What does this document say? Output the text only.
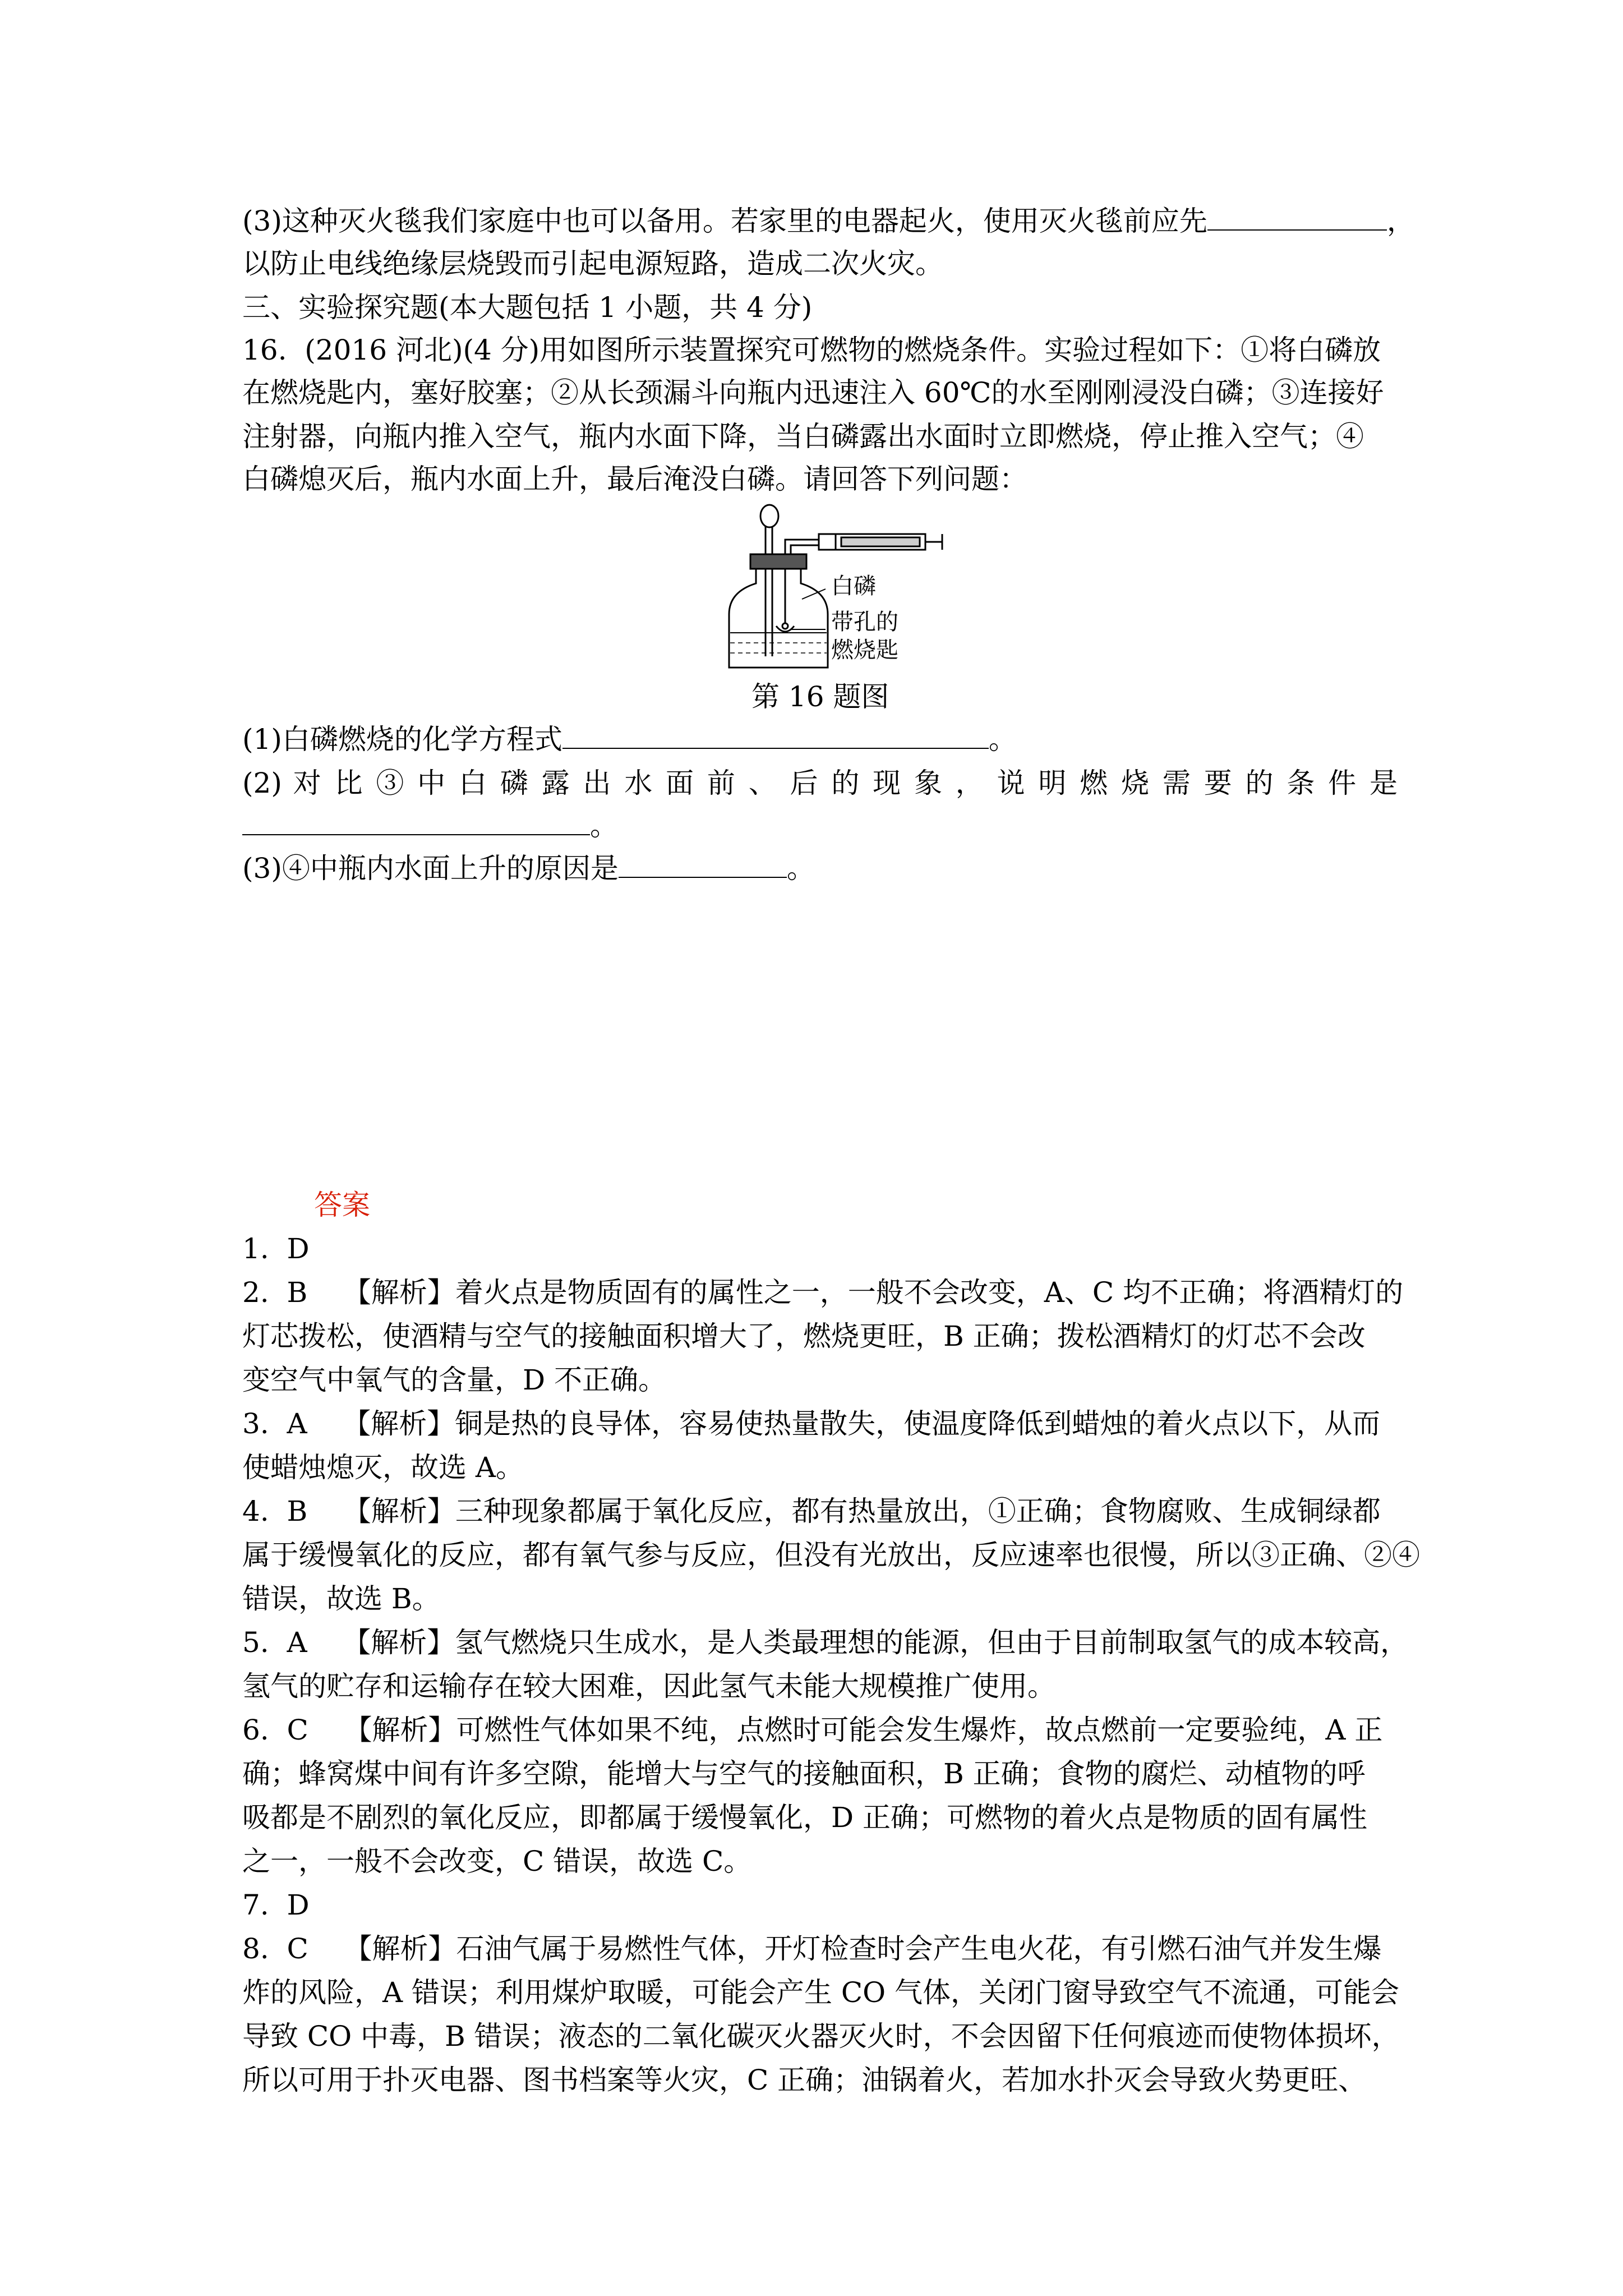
(3)这种灭火毯我们家庭中也可以备用。若家里的电器起火，使用灭火毯前应先	，
以防止电线绝缘层烧毁而引起电源短路，造成二次火灾。
三、实验探究题(本大题包括 1 小题，共 4 分)
16.  (2016 河北)(4 分)用如图所示装置探究可燃物的燃烧条件。实验过程如下：①将白磷放
在燃烧匙内，塞好胶塞；②从长颈漏斗向瓶内迅速注入 60℃的水至刚刚浸没白磷；③连接好
注射器，向瓶内推入空气，瓶内水面下降，当白磷露出水面时立即燃烧，停止推入空气；④
白磷熄灭后，瓶内水面上升，最后淹没白磷。请回答下列问题：
白磷
带孔的
燃烧匙
第 16 题图
(1)白磷燃烧的化学方程式	。
(2) 对 比 ③ 中 白 磷 露 出 水 面 前 、 后 的 现 象 ， 说 明 燃 烧 需 要 的 条 件 是
。
(3)④中瓶内水面上升的原因是	。
答案
1.  D
2.  B    【解析】着火点是物质固有的属性之一，一般不会改变，A、C 均不正确；将酒精灯的
灯芯拨松，使酒精与空气的接触面积增大了，燃烧更旺，B 正确；拨松酒精灯的灯芯不会改
变空气中氧气的含量，D 不正确。
3.  A    【解析】铜是热的良导体，容易使热量散失，使温度降低到蜡烛的着火点以下，从而
使蜡烛熄灭，故选 A。
4.  B    【解析】三种现象都属于氧化反应，都有热量放出，①正确；食物腐败、生成铜绿都
属于缓慢氧化的反应，都有氧气参与反应，但没有光放出，反应速率也很慢，所以③正确、②④
错误，故选 B。
5.  A    【解析】氢气燃烧只生成水，是人类最理想的能源，但由于目前制取氢气的成本较高，
氢气的贮存和运输存在较大困难，因此氢气未能大规模推广使用。
6.  C    【解析】可燃性气体如果不纯，点燃时可能会发生爆炸，故点燃前一定要验纯，A 正
确；蜂窝煤中间有许多空隙，能增大与空气的接触面积，B 正确；食物的腐烂、动植物的呼
吸都是不剧烈的氧化反应，即都属于缓慢氧化，D 正确；可燃物的着火点是物质的固有属性
之一，一般不会改变，C 错误，故选 C。
7.  D
8.  C    【解析】石油气属于易燃性气体，开灯检查时会产生电火花，有引燃石油气并发生爆
炸的风险，A 错误；利用煤炉取暖，可能会产生 CO 气体，关闭门窗导致空气不流通，可能会
导致 CO 中毒，B 错误；液态的二氧化碳灭火器灭火时，不会因留下任何痕迹而使物体损坏，
所以可用于扑灭电器、图书档案等火灾，C 正确；油锅着火，若加水扑灭会导致火势更旺、
